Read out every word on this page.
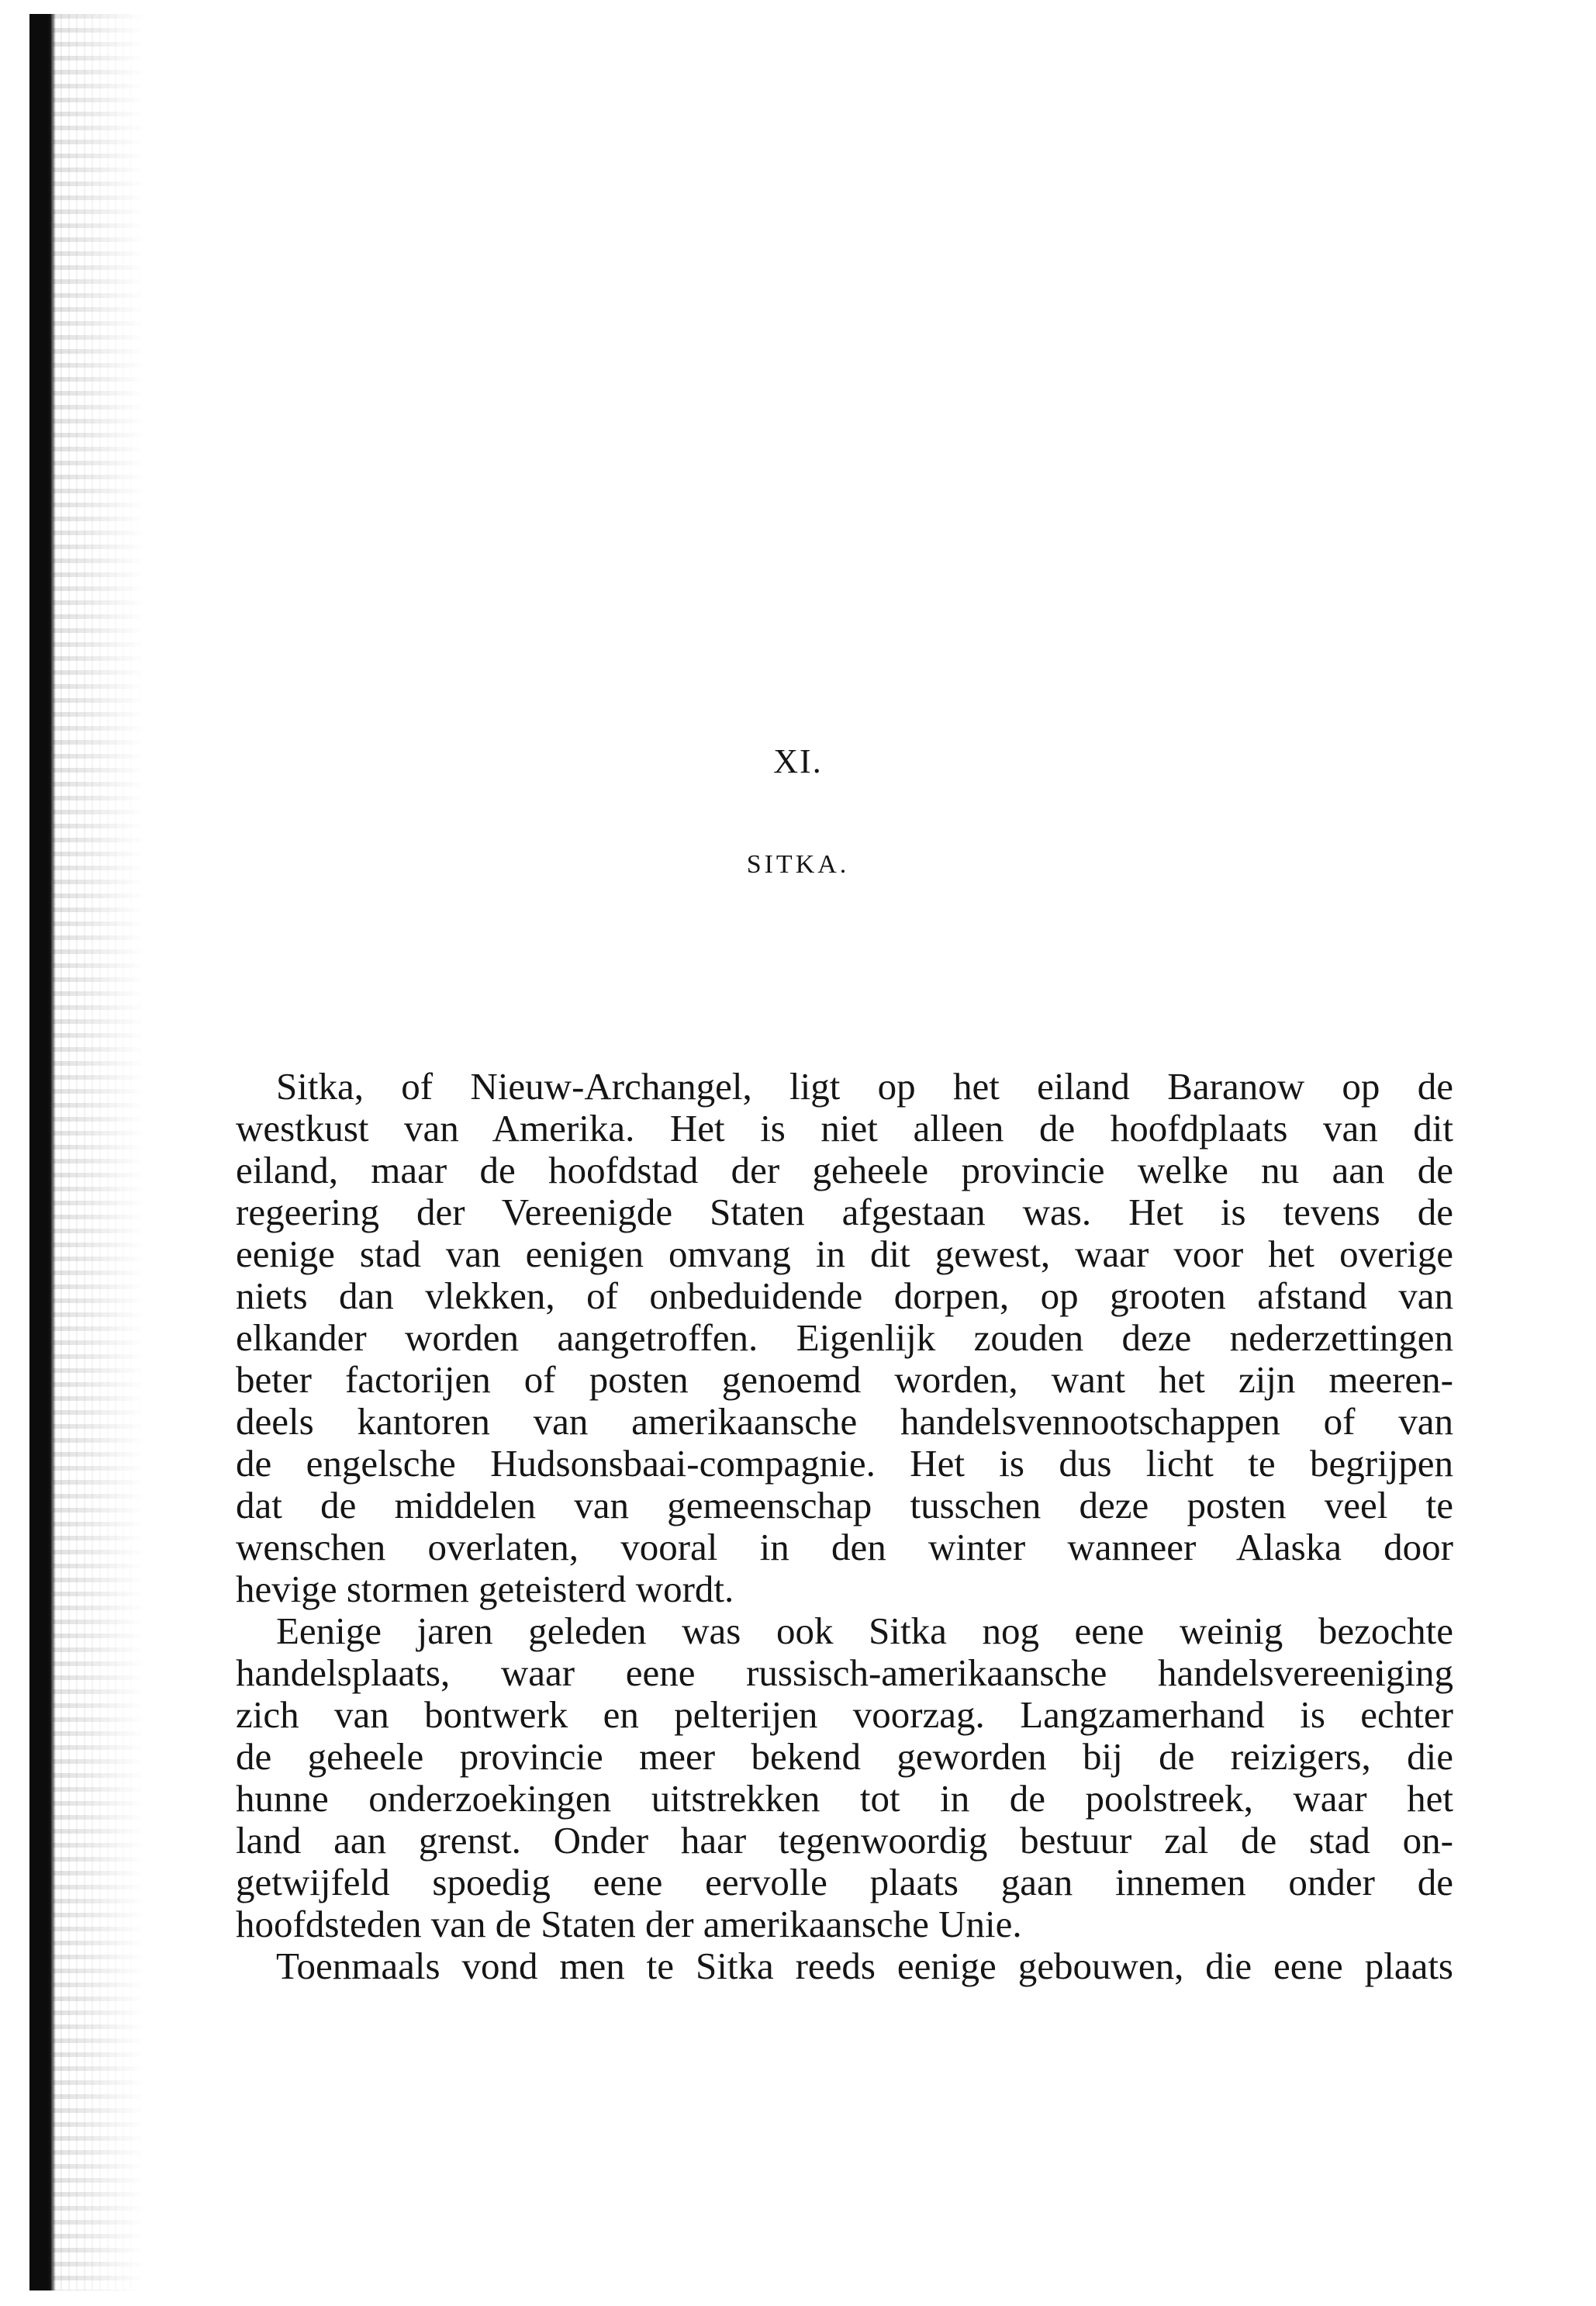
XI.
SITKA.
Sitka, of Nieuw-Archangel, ligt op het eiland Baranow op de
westkust van Amerika. Het is niet alleen de hoofdplaats van dit
eiland, maar de hoofdstad der geheele provincie welke nu aan de
regeering der Vereenigde Staten afgestaan was. Het is tevens de
eenige stad van eenigen omvang in dit gewest, waar voor het overige
niets dan vlekken, of onbeduidende dorpen, op grooten afstand van
elkander worden aangetroffen. Eigenlijk zouden deze nederzettingen
beter factorijen of posten genoemd worden, want het zijn meeren-
deels kantoren van amerikaansche handelsvennootschappen of van
de engelsche Hudsonsbaai-compagnie. Het is dus licht te begrijpen
dat de middelen van gemeenschap tusschen deze posten veel te
wenschen overlaten, vooral in den winter wanneer Alaska door
hevige stormen geteisterd wordt.
Eenige jaren geleden was ook Sitka nog eene weinig bezochte
handelsplaats, waar eene russisch-amerikaansche handelsvereeniging
zich van bontwerk en pelterijen voorzag. Langzamerhand is echter
de geheele provincie meer bekend geworden bij de reizigers, die
hunne onderzoekingen uitstrekken tot in de poolstreek, waar het
land aan grenst. Onder haar tegenwoordig bestuur zal de stad on-
getwijfeld spoedig eene eervolle plaats gaan innemen onder de
hoofdsteden van de Staten der amerikaansche Unie.
Toenmaals vond men te Sitka reeds eenige gebouwen, die eene plaats
